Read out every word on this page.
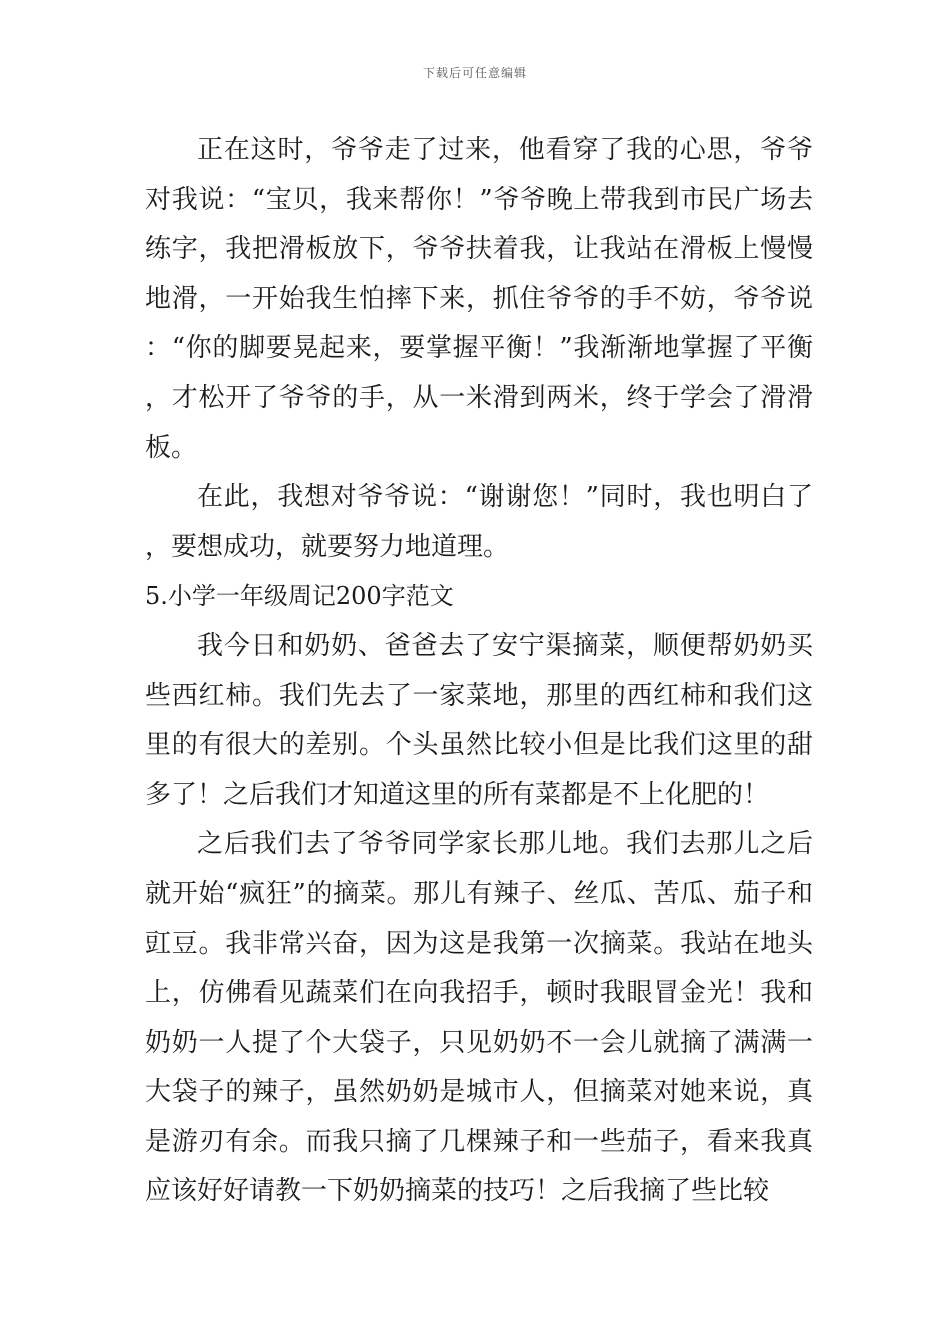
下载后可任意编辑

正在这时，爷爷走了过来，他看穿了我的心思，爷爷对我说：“宝贝，我来帮你！”爷爷晚上带我到市民广场去练字，我把滑板放下，爷爷扶着我，让我站在滑板上慢慢地滑，一开始我生怕摔下来，抓住爷爷的手不妨，爷爷说：“你的脚要晃起来，要掌握平衡！”我渐渐地掌握了平衡，才松开了爷爷的手，从一米滑到两米，终于学会了滑滑板。

在此，我想对爷爷说：“谢谢您！”同时，我也明白了，要想成功，就要努力地道理。

5.小学一年级周记200字范文

我今日和奶奶、爸爸去了安宁渠摘菜，顺便帮奶奶买些西红柿。我们先去了一家菜地，那里的西红柿和我们这里的有很大的差别。个头虽然比较小但是比我们这里的甜多了！之后我们才知道这里的所有菜都是不上化肥的！

之后我们去了爷爷同学家长那儿地。我们去那儿之后就开始“疯狂”的摘菜。那儿有辣子、丝瓜、苦瓜、茄子和豇豆。我非常兴奋，因为这是我第一次摘菜。我站在地头上，仿佛看见蔬菜们在向我招手，顿时我眼冒金光！我和奶奶一人提了个大袋子，只见奶奶不一会儿就摘了满满一大袋子的辣子，虽然奶奶是城市人，但摘菜对她来说，真是游刃有余。而我只摘了几棵辣子和一些茄子，看来我真应该好好请教一下奶奶摘菜的技巧！之后我摘了些比较
